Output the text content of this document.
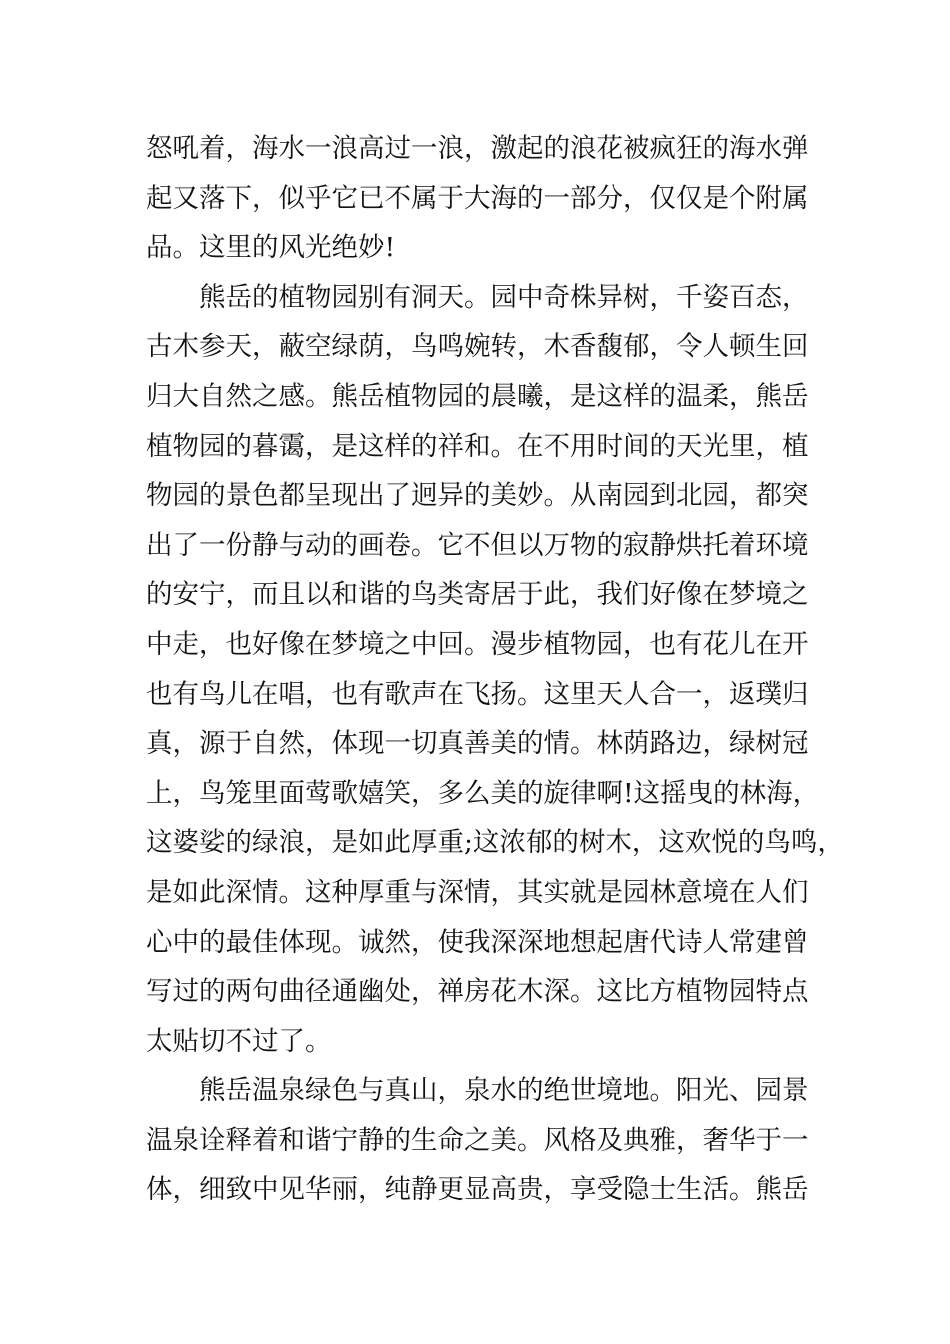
怒吼着，海水一浪高过一浪，激起的浪花被疯狂的海水弹
起又落下，似乎它已不属于大海的一部分，仅仅是个附属
品。这里的风光绝妙!
熊岳的植物园别有洞天。园中奇株异树，千姿百态，
古木参天，蔽空绿荫，鸟鸣婉转，木香馥郁，令人顿生回
归大自然之感。熊岳植物园的晨曦，是这样的温柔，熊岳
植物园的暮霭，是这样的祥和。在不用时间的天光里，植
物园的景色都呈现出了迥异的美妙。从南园到北园，都突
出了一份静与动的画卷。它不但以万物的寂静烘托着环境
的安宁，而且以和谐的鸟类寄居于此，我们好像在梦境之
中走，也好像在梦境之中回。漫步植物园，也有花儿在开
也有鸟儿在唱，也有歌声在飞扬。这里天人合一，返璞归
真，源于自然，体现一切真善美的情。林荫路边，绿树冠
上，鸟笼里面莺歌嬉笑，多么美的旋律啊!这摇曳的林海，
这婆娑的绿浪，是如此厚重;这浓郁的树木，这欢悦的鸟鸣，
是如此深情。这种厚重与深情，其实就是园林意境在人们
心中的最佳体现。诚然，使我深深地想起唐代诗人常建曾
写过的两句曲径通幽处，禅房花木深。这比方植物园特点
太贴切不过了。
熊岳温泉绿色与真山，泉水的绝世境地。阳光、园景
温泉诠释着和谐宁静的生命之美。风格及典雅，奢华于一
体，细致中见华丽，纯静更显高贵，享受隐士生活。熊岳
